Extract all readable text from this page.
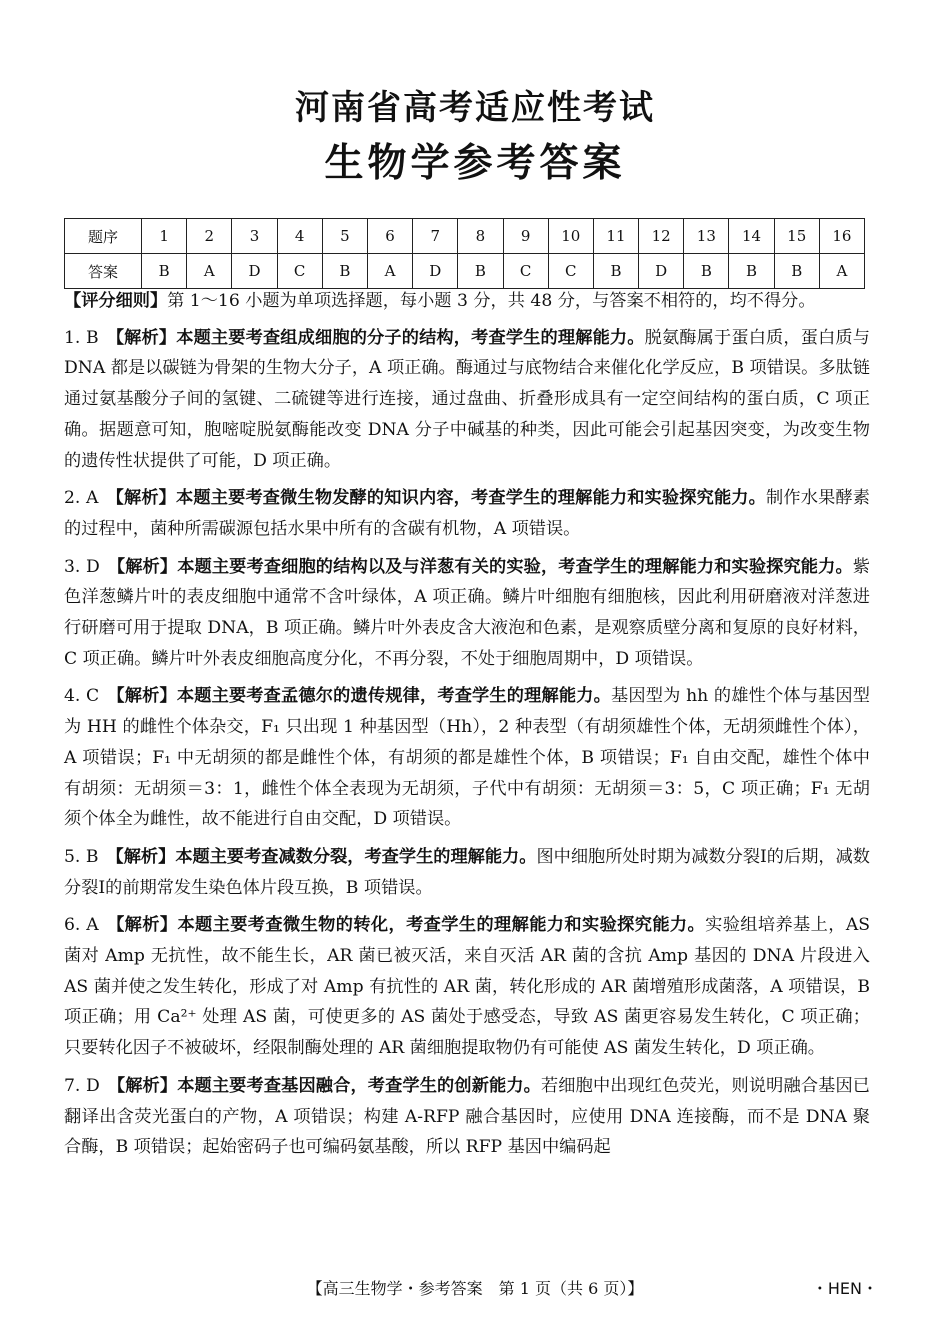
河南省高考适应性考试
生物学参考答案
题序	1	2	3	4	5	6	7	8	9	10	11	12	13	14	15	16
答案	B	A	D	C	B	A	D	B	C	C	B	D	B	B	B	A
【评分细则】第 1～16 小题为单项选择题，每小题 3 分，共 48 分，与答案不相符的，均不得分。
1. B 【解析】本题主要考查组成细胞的分子的结构，考查学生的理解能力。脱氨酶属于蛋白质，蛋白质与 DNA 都是以碳链为骨架的生物大分子，A 项正确。酶通过与底物结合来催化化学反应，B 项错误。多肽链通过氨基酸分子间的氢键、二硫键等进行连接，通过盘曲、折叠形成具有一定空间结构的蛋白质，C 项正确。据题意可知，胞嘧啶脱氨酶能改变 DNA 分子中碱基的种类，因此可能会引起基因突变，为改变生物的遗传性状提供了可能，D 项正确。
2. A 【解析】本题主要考查微生物发酵的知识内容，考查学生的理解能力和实验探究能力。制作水果酵素的过程中，菌种所需碳源包括水果中所有的含碳有机物，A 项错误。
3. D 【解析】本题主要考查细胞的结构以及与洋葱有关的实验，考查学生的理解能力和实验探究能力。紫色洋葱鳞片叶的表皮细胞中通常不含叶绿体，A 项正确。鳞片叶细胞有细胞核，因此利用研磨液对洋葱进行研磨可用于提取 DNA，B 项正确。鳞片叶外表皮含大液泡和色素，是观察质壁分离和复原的良好材料，C 项正确。鳞片叶外表皮细胞高度分化，不再分裂，不处于细胞周期中，D 项错误。
4. C 【解析】本题主要考查孟德尔的遗传规律，考查学生的理解能力。基因型为 hh 的雄性个体与基因型为 HH 的雌性个体杂交，F₁ 只出现 1 种基因型（Hh），2 种表型（有胡须雄性个体，无胡须雌性个体），A 项错误；F₁ 中无胡须的都是雌性个体，有胡须的都是雄性个体，B 项错误；F₁ 自由交配，雄性个体中有胡须：无胡须＝3：1，雌性个体全表现为无胡须，子代中有胡须：无胡须＝3：5，C 项正确；F₁ 无胡须个体全为雌性，故不能进行自由交配，D 项错误。
5. B 【解析】本题主要考查减数分裂，考查学生的理解能力。图中细胞所处时期为减数分裂Ⅰ的后期，减数分裂Ⅰ的前期常发生染色体片段互换，B 项错误。
6. A 【解析】本题主要考查微生物的转化，考查学生的理解能力和实验探究能力。实验组培养基上，AS 菌对 Amp 无抗性，故不能生长，AR 菌已被灭活，来自灭活 AR 菌的含抗 Amp 基因的 DNA 片段进入 AS 菌并使之发生转化，形成了对 Amp 有抗性的 AR 菌，转化形成的 AR 菌增殖形成菌落，A 项错误，B 项正确；用 Ca²⁺ 处理 AS 菌，可使更多的 AS 菌处于感受态，导致 AS 菌更容易发生转化，C 项正确；只要转化因子不被破坏，经限制酶处理的 AR 菌细胞提取物仍有可能使 AS 菌发生转化，D 项正确。
7. D 【解析】本题主要考查基因融合，考查学生的创新能力。若细胞中出现红色荧光，则说明融合基因已翻译出含荧光蛋白的产物，A 项错误；构建 A-RFP 融合基因时，应使用 DNA 连接酶，而不是 DNA 聚合酶，B 项错误；起始密码子也可编码氨基酸，所以 RFP 基因中编码起
【高三生物学・参考答案　第 1 页（共 6 页）】	・HEN・
